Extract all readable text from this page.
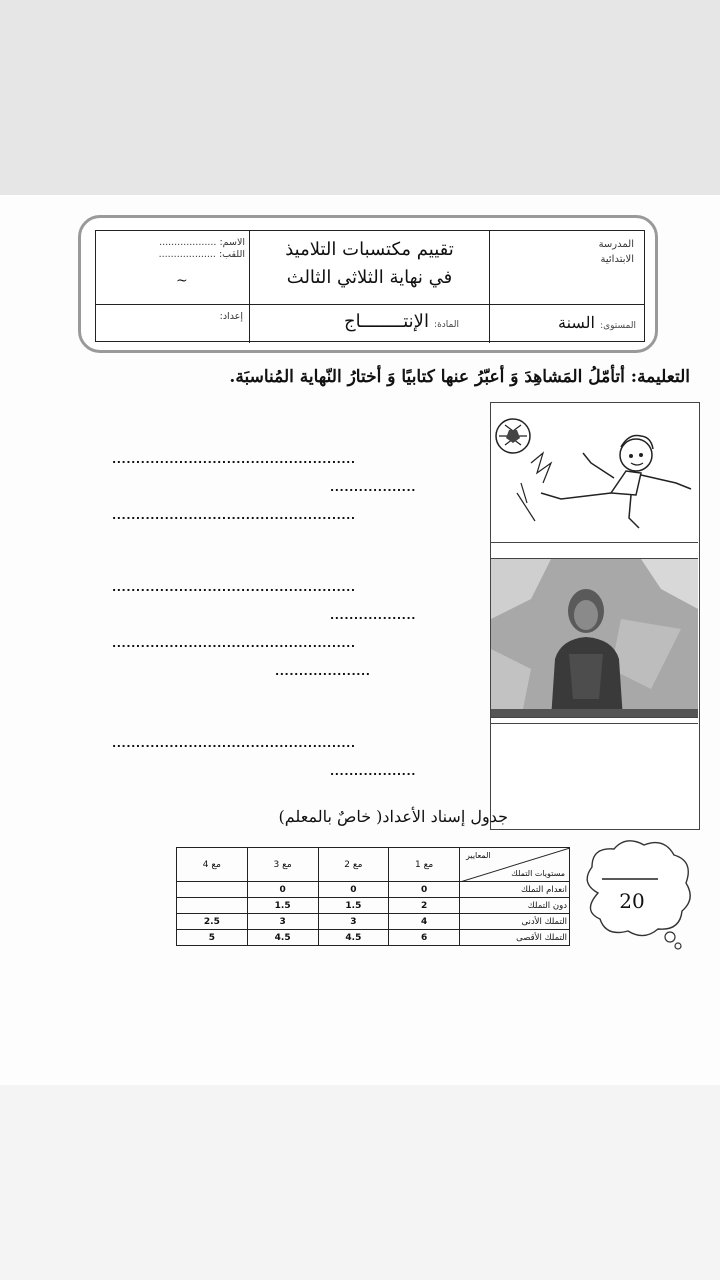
المدرسة
الابتدائية
تقييم مكتسبات التلاميذ
في نهاية الثلاثي الثالث
الاسم: ...................
اللقب: ...................
~
المستوى: السنة
المادة: الإنتــــــــاج
إعداد:
التعليمة: أتأمّلُ المَشاهِدَ وَ أعبّرُ عنها كتابيًا وَ أختارُ النّهاية المُناسبَة.
...................................................
..................
...................................................
...................................................
..................
...................................................
....................
...................................................
..................
جدول إسناد الأعداد( خاصٌ بالمعلم)
المعايير
مستويات التملك	مع 1	مع 2	مع 3	مع 4
انعدام التملك	0	0	0	
دون التملك	2	1.5	1.5	
التملك الأدنى	4	3	3	2.5
التملك الأقصى	6	4.5	4.5	5
20
